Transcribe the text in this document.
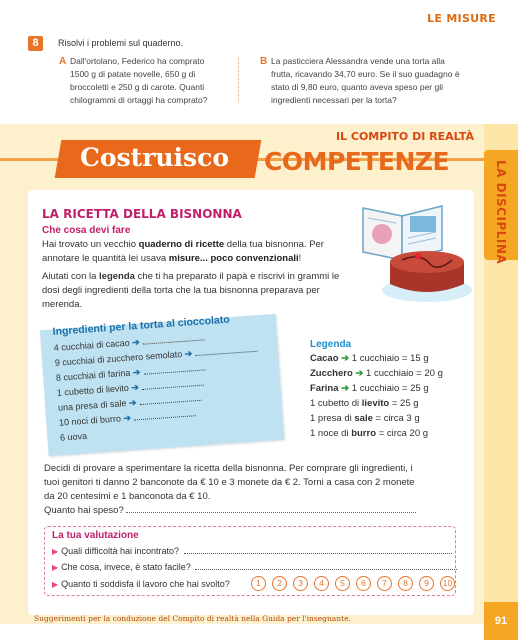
LE MISURE
8	Risolvi i problemi sul quaderno.
A Dall'ortolano, Federico ha comprato 1500 g di patate novelle, 650 g di broccoletti e 250 g di carote. Quanti chilogrammi di ortaggi ha comprato?
B La pasticciera Alessandra vende una torta alla frutta, ricavando 34,70 euro. Se il suo guadagno è stato di 9,80 euro, quanto aveva speso per gli ingredienti necessari per la torta?
LA DISCIPLINA
IL COMPITO DI REALTÀ
Costruisco COMPETENZE
LA RICETTA DELLA BISNONNA
Che cosa devi fare
Hai trovato un vecchio quaderno di ricette della tua bisnonna. Per annotare le quantità lei usava misure... poco convenzionali!
Aiutati con la legenda che ti ha preparato il papà e riscrivi in grammi le dosi degli ingredienti della torta che la tua bisnonna preparava per merenda.
Ingredienti per la torta al cioccolato
4 cucchiai di cacao ➔
9 cucchiai di zucchero semolato ➔
8 cucchiai di farina ➔
1 cubetto di lievito ➔
una presa di sale ➔
10 noci di burro ➔
6 uova
Legenda
Cacao ➔ 1 cucchiaio = 15 g
Zucchero ➔ 1 cucchiaio = 20 g
Farina ➔ 1 cucchiaio = 25 g
1 cubetto di lievito = 25 g
1 presa di sale = circa 3 g
1 noce di burro = circa 20 g
Decidi di provare a sperimentare la ricetta della bisnonna. Per comprare gli ingredienti, i tuoi genitori ti danno 2 banconote da € 10 e 3 monete da € 2. Torni a casa con 2 monete da 20 centesimi e 1 banconota da € 10.
Quanto hai speso?
La tua valutazione
▶ Quali difficoltà hai incontrato?
▶ Che cosa, invece, è stato facile?
▶ Quanto ti soddisfa il lavoro che hai svolto?	1	2	3	4	5	6	7	8	9	10
Suggerimenti per la conduzione del Compito di realtà nella Guida per l'insegnante.	91
